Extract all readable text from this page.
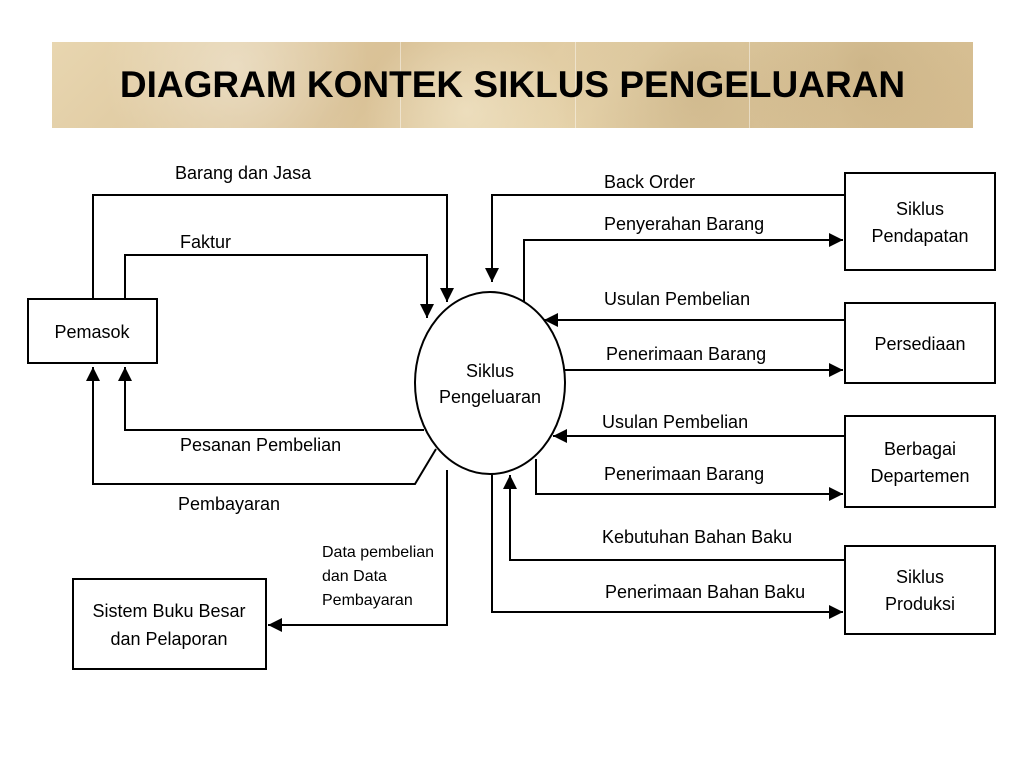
DIAGRAM KONTEK SIKLUS PENGELUARAN
Pemasok
Sistem Buku Besar
dan Pelaporan
Siklus
Pendapatan
Persediaan
Berbagai
Departemen
Siklus
Produksi
Siklus
Pengeluaran
Barang dan Jasa
Faktur
Pesanan Pembelian
Pembayaran
Data pembelian
dan Data
Pembayaran
Back Order
Penyerahan Barang
Usulan Pembelian
Penerimaan Barang
Usulan Pembelian
Penerimaan Barang
Kebutuhan Bahan Baku
Penerimaan Bahan Baku
